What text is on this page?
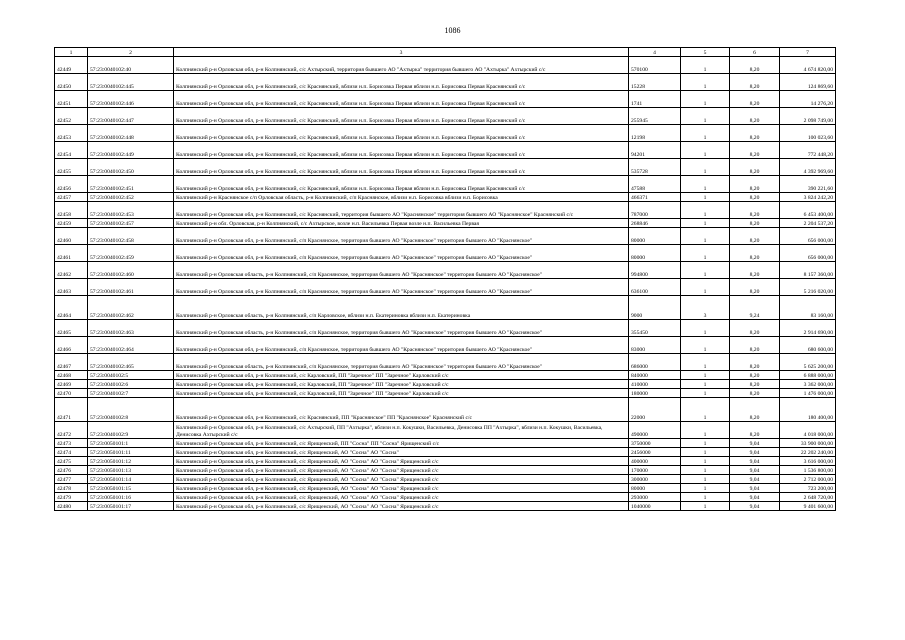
1086
1	2	3	4	5	6	7
42449	57:23:0040102:40	Колпнянский р-н Орловская обл, р-н Колпнянский, с/с Ахтырский, территория бывшего АО "Ахтырка" территория бывшего АО "Ахтырка" Ахтырский с/с	570100	1	8,20	4 674 820,00
42450	57:23:0040102:445	Колпнянский р-н Орловская обл, р-н Колпнянский, с/с Краснянский, вблизи н.п. Борисовка Первая вблизи н.п. Борисовка Первая Краснянский с/с	15228	1	8,20	124 869,60
42451	57:23:0040102:446	Колпнянский р-н Орловская обл, р-н Колпнянский, с/с Краснянский, вблизи н.п. Борисовка Первая вблизи н.п. Борисовка Первая Краснянский с/с	1741	1	8,20	14 276,20
42452	57:23:0040102:447	Колпнянский р-н Орловская обл, р-н Колпнянский, с/с Краснянский, вблизи н.п. Борисовка Первая вблизи н.п. Борисовка Первая Краснянский с/с	255945	1	8,20	2 098 749,00
42453	57:23:0040102:448	Колпнянский р-н Орловская обл, р-н Колпнянский, с/с Краснянский, вблизи н.п. Борисовка Первая вблизи н.п. Борисовка Первая Краснянский с/с	12198	1	8,20	100 023,60
42454	57:23:0040102:449	Колпнянский р-н Орловская обл, р-н Колпнянский, с/с Краснянский, вблизи н.п. Борисовка Первая вблизи н.п. Борисовка Первая Краснянский с/с	94201	1	8,20	772 448,20
42455	57:23:0040102:450	Колпнянский р-н Орловская обл, р-н Колпнянский, с/с Краснянский, вблизи н.п. Борисовка Первая вблизи н.п. Борисовка Первая Краснянский с/с	535728	1	8,20	4 392 969,60
42456	57:23:0040102:451	Колпнянский р-н Орловская обл, р-н Колпнянский, с/с Краснянский, вблизи н.п. Борисовка Первая вблизи н.п. Борисовка Первая Краснянский с/с	47588	1	8,20	390 221,60
42457	57:23:0040102:452	Колпнянский р-н Краснянское с/п Орловская область, р-н Колпнянский, с/п Краснянское, вблизи н.п. Борисовка вблизи н.п. Борисовка	466371	1	8,20	3 824 242,20
42458	57:23:0040102:453	Колпнянский р-н Орловская обл, р-н Колпнянский, с/с Краснянский, территория бывшего АО "Краснянское" территория бывшего АО "Краснянское" Краснянский с/с	787000	1	8,20	6 453 400,00
42459	57:23:0040102:457	Колпнянский р-н обл. Орловская, р-н Колпнянский, с/с Ахтырское, возле н.п. Васильевка Первая возле н.п. Васильевка Первая	268846	1	8,20	2 204 537,20
42460	57:23:0040102:458	Колпнянский р-н Орловская обл, р-н Колпнянский, с/п Краснянское, территория бывшего АО "Краснянское" территория бывшего АО "Краснянское"	80000	1	8,20	656 000,00
42461	57:23:0040102:459	Колпнянский р-н Орловская обл, р-н Колпнянский, с/п Краснянское, территория бывшего АО "Краснянское" территория бывшего АО "Краснянское"	80000	1	8,20	656 000,00
42462	57:23:0040102:460	Колпнянский р-н Орловская область, р-н Колпнянский, с/п Краснянское, территория бывшего АО "Краснянское" территория бывшего АО "Краснянское"	994800	1	8,20	8 157 360,00
42463	57:23:0040102:461	Колпнянский р-н Орловская обл, р-н Колпнянский, с/п Краснянское, территория бывшего АО "Краснянское" территория бывшего АО "Краснянское"	636100	1	8,20	5 216 020,00
42464	57:23:0040102:462	Колпнянский р-н Орловская область, р-н Колпнянский, с/п Карловское, вблизи н.п. Екатериновка вблизи н.п. Екатериновка	9000	3	9,24	83 160,00
42465	57:23:0040102:463	Колпнянский р-н Орловская область, р-н Колпнянский, с/п Краснянское, территория бывшего АО "Краснянское" территория бывшего АО "Краснянское"	355450	1	8,20	2 914 690,00
42466	57:23:0040102:464	Колпнянский р-н Орловская обл, р-н Колпнянский, с/п Краснянское, территория бывшего АО "Краснянское" территория бывшего АО "Краснянское"	83000	1	8,20	680 600,00
42467	57:23:0040102:465	Колпнянский р-н Орловская область, р-н Колпнянский, с/п Краснянское, территория бывшего АО "Краснянское" территория бывшего АО "Краснянское"	686000	1	8,20	5 625 200,00
42468	57:23:0040102:5	Колпнянский р-н Орловская обл, р-н Колпнянский, с/с Карловский, ПП "Заречное" ПП "Заречное" Карловский с/с	840000	1	8,20	6 888 000,00
42469	57:23:0040102:6	Колпнянский р-н Орловская обл, р-н Колпнянский, с/с Карловский, ПП "Заречное" ПП "Заречное" Карловский с/с	410000	1	8,20	3 362 000,00
42470	57:23:0040102:7	Колпнянский р-н Орловская обл, р-н Колпнянский, с/с Карловский, ПП "Заречное" ПП "Заречное" Карловский с/с	180000	1	8,20	1 476 000,00
42471	57:23:0040102:8	Колпнянский р-н Орловская обл, р-н Колпнянский, с/с Краснянский, ПП "Краснянское" ПП "Краснянское" Краснянский с/с	22000	1	8,20	180 400,00
42472	57:23:0040102:9	Колпнянский р-н Орловская обл, р-н Колпнянский, с/с Ахтырский, ПП "Ахтырка", вблизи н.п. Кокушки, Васильевка, Денисовка ПП "Ахтырка", вблизи н.п. Кокушки, Васильевка, Денисовка Ахтырский с/с	490000	1	8,20	4 018 000,00
42473	57:23:0050101:1	Колпнянский р-н Орловская обл, р-н Колпнянский, с/с Ярищенский, ПП "Сосна" ПП "Сосна" Ярищенский с/с	3750000	1	9,04	33 900 000,00
42474	57:23:0050101:11	Колпнянский р-н Орловская обл, р-н Колпнянский, с/с Ярищенский, АО "Сосна" АО "Сосна"	2456000	1	9,04	22 202 240,00
42475	57:23:0050101:12	Колпнянский р-н Орловская обл, р-н Колпнянский, с/с Ярищенский, АО "Сосна" АО "Сосна" Ярищенский с/с	400000	1	9,04	3 616 000,00
42476	57:23:0050101:13	Колпнянский р-н Орловская обл, р-н Колпнянский, с/с Ярищенский, АО "Сосна" АО "Сосна" Ярищенский с/с	170000	1	9,04	1 536 800,00
42477	57:23:0050101:14	Колпнянский р-н Орловская обл, р-н Колпнянский, с/с Ярищенский, АО "Сосна" АО "Сосна" Ярищенский с/с	300000	1	9,04	2 712 000,00
42478	57:23:0050101:15	Колпнянский р-н Орловская обл, р-н Колпнянский, с/с Ярищенский, АО "Сосна" АО "Сосна" Ярищенский с/с	80000	1	9,04	723 200,00
42479	57:23:0050101:16	Колпнянский р-н Орловская обл, р-н Колпнянский, с/с Ярищенский, АО "Сосна" АО "Сосна" Ярищенский с/с	293000	1	9,04	2 648 720,00
42480	57:23:0050101:17	Колпнянский р-н Орловская обл, р-н Колпнянский, с/с Ярищенский, АО "Сосна" АО "Сосна" Ярищенский с/с	1040000	1	9,04	9 401 600,00
